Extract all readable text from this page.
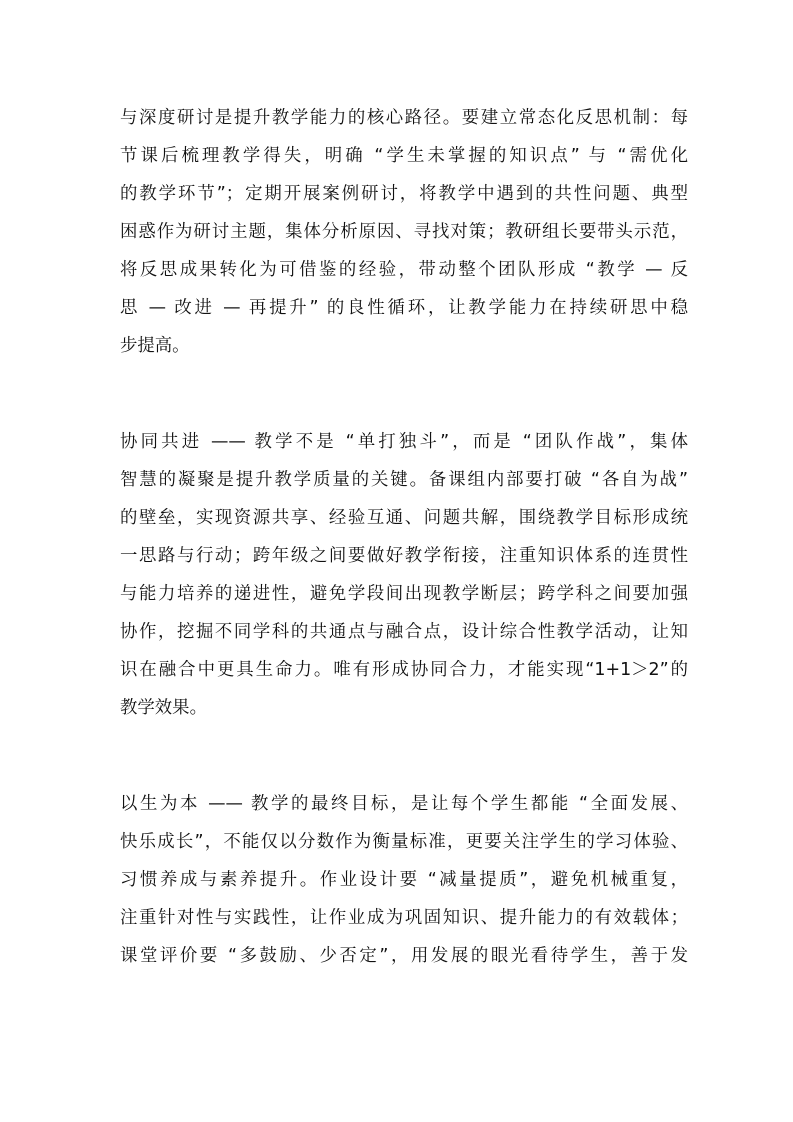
与深度研讨是提升教学能力的核心路径。要建立常态化反思机制：每
节课后梳理教学得失，明确 “学生未掌握的知识点” 与 “需优化
的教学环节”；定期开展案例研讨，将教学中遇到的共性问题、典型
困惑作为研讨主题，集体分析原因、寻找对策；教研组长要带头示范，
将反思成果转化为可借鉴的经验，带动整个团队形成 “教学 — 反
思 — 改进 — 再提升” 的良性循环，让教学能力在持续研思中稳
步提高。
协同共进 —— 教学不是 “单打独斗”，而是 “团队作战”，集体
智慧的凝聚是提升教学质量的关键。备课组内部要打破 “各自为战”
的壁垒，实现资源共享、经验互通、问题共解，围绕教学目标形成统
一思路与行动；跨年级之间要做好教学衔接，注重知识体系的连贯性
与能力培养的递进性，避免学段间出现教学断层；跨学科之间要加强
协作，挖掘不同学科的共通点与融合点，设计综合性教学活动，让知
识在融合中更具生命力。唯有形成协同合力，才能实现“1+1＞2”的
教学效果。
以生为本 —— 教学的最终目标，是让每个学生都能 “全面发展、
快乐成长”，不能仅以分数作为衡量标准，更要关注学生的学习体验、
习惯养成与素养提升。作业设计要 “减量提质”，避免机械重复，
注重针对性与实践性，让作业成为巩固知识、提升能力的有效载体；
课堂评价要 “多鼓励、少否定”，用发展的眼光看待学生，善于发
